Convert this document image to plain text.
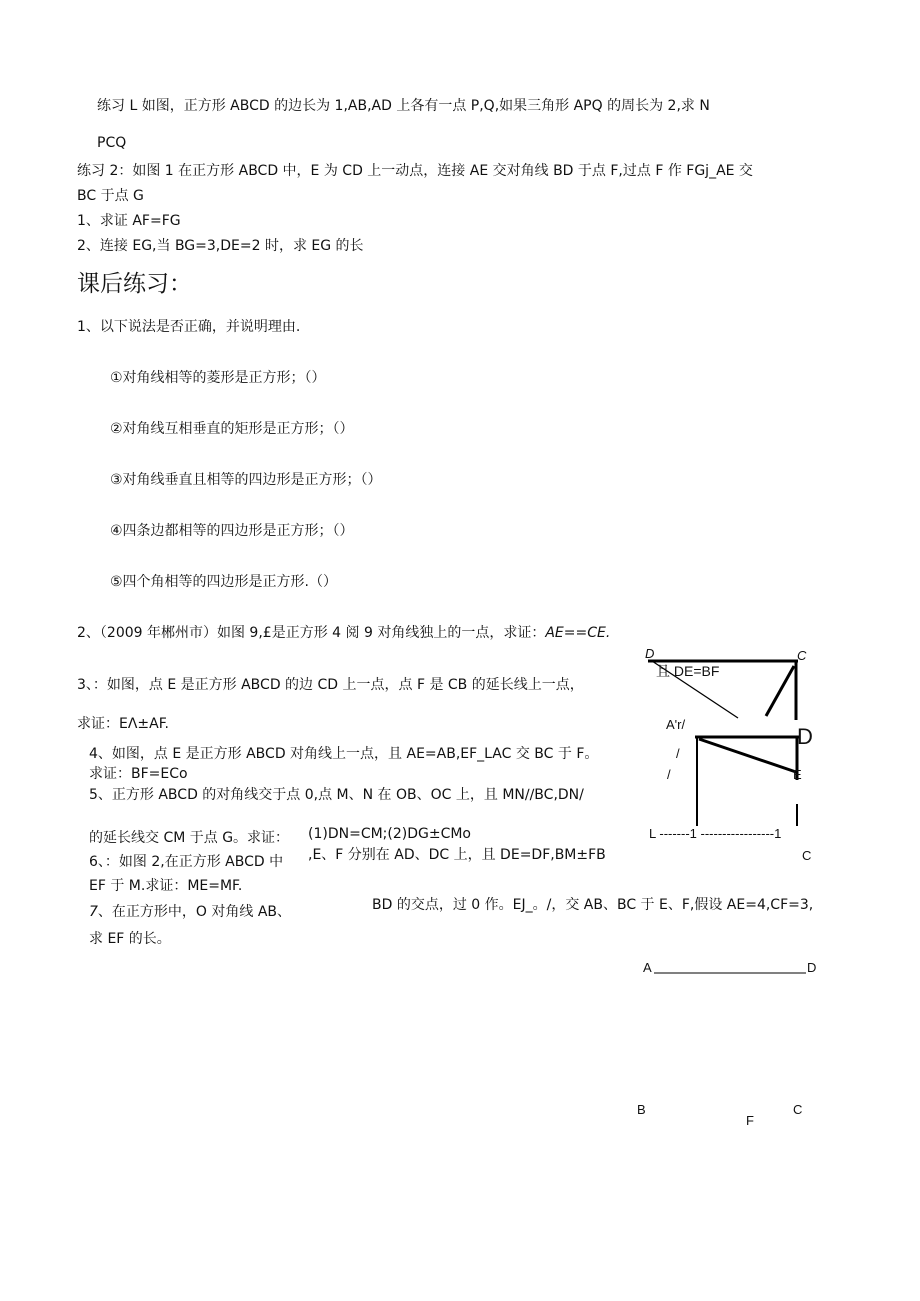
练习 L 如图，正方形 ABCD 的边长为 1,AB,AD 上各有一点 P,Q,如果三角形 APQ 的周长为 2,求 N
PCQ
练习 2：如图 1 在正方形 ABCD 中，E 为 CD 上一动点，连接 AE 交对角线 BD 于点 F,过点 F 作 FGj_AE 交
BC 于点 G
1、求证 AF=FG
2、连接 EG,当 BG=3,DE=2 时，求 EG 的长
课后练习：
1、以下说法是否正确，并说明理由.
①对角线相等的菱形是正方形；（）
②对角线互相垂直的矩形是正方形；（）
③对角线垂直且相等的四边形是正方形；（）
④四条边都相等的四边形是正方形；（）
⑤四个角相等的四边形是正方形.（）
2、（2009 年郴州市）如图 9,£是正方形 4 阅 9 对角线独上的一点，求证：AE==CE.
3、：如图，点 E 是正方形 ABCD 的边 CD 上一点，点 F 是 CB 的延长线上一点，
求证：EΛ±AF.
4、如图，点 E 是正方形 ABCD 对角线上一点，且 AE=AB,EF_LAC 交 BC 于 F。
求证：BF=ECo
5、正方形 ABCD 的对角线交于点 0,点 M、N 在 OB、OC 上，且 MN∕∕BC,DN/
的延长线交 CM 于点 G。求证： (1)DN=CM;(2)DG±CMo
6、：如图 2,在正方形 ABCD 中 ,E、F 分别在 AD、DC 上，且 DE=DF,BM±FB
EF 于 M.求证：ME=MF.
7、在正方形中，O 对角线 AB、	BD 的交点，过 0 作。EJ_。/，交 AB、BC 于 E、F,假设 AE=4,CF=3,
求 EF 的长。
D	C
且 DE=BF
A'r/
/
/
D
E
L -------1 -----------------1
C
A	D
B
F
C
